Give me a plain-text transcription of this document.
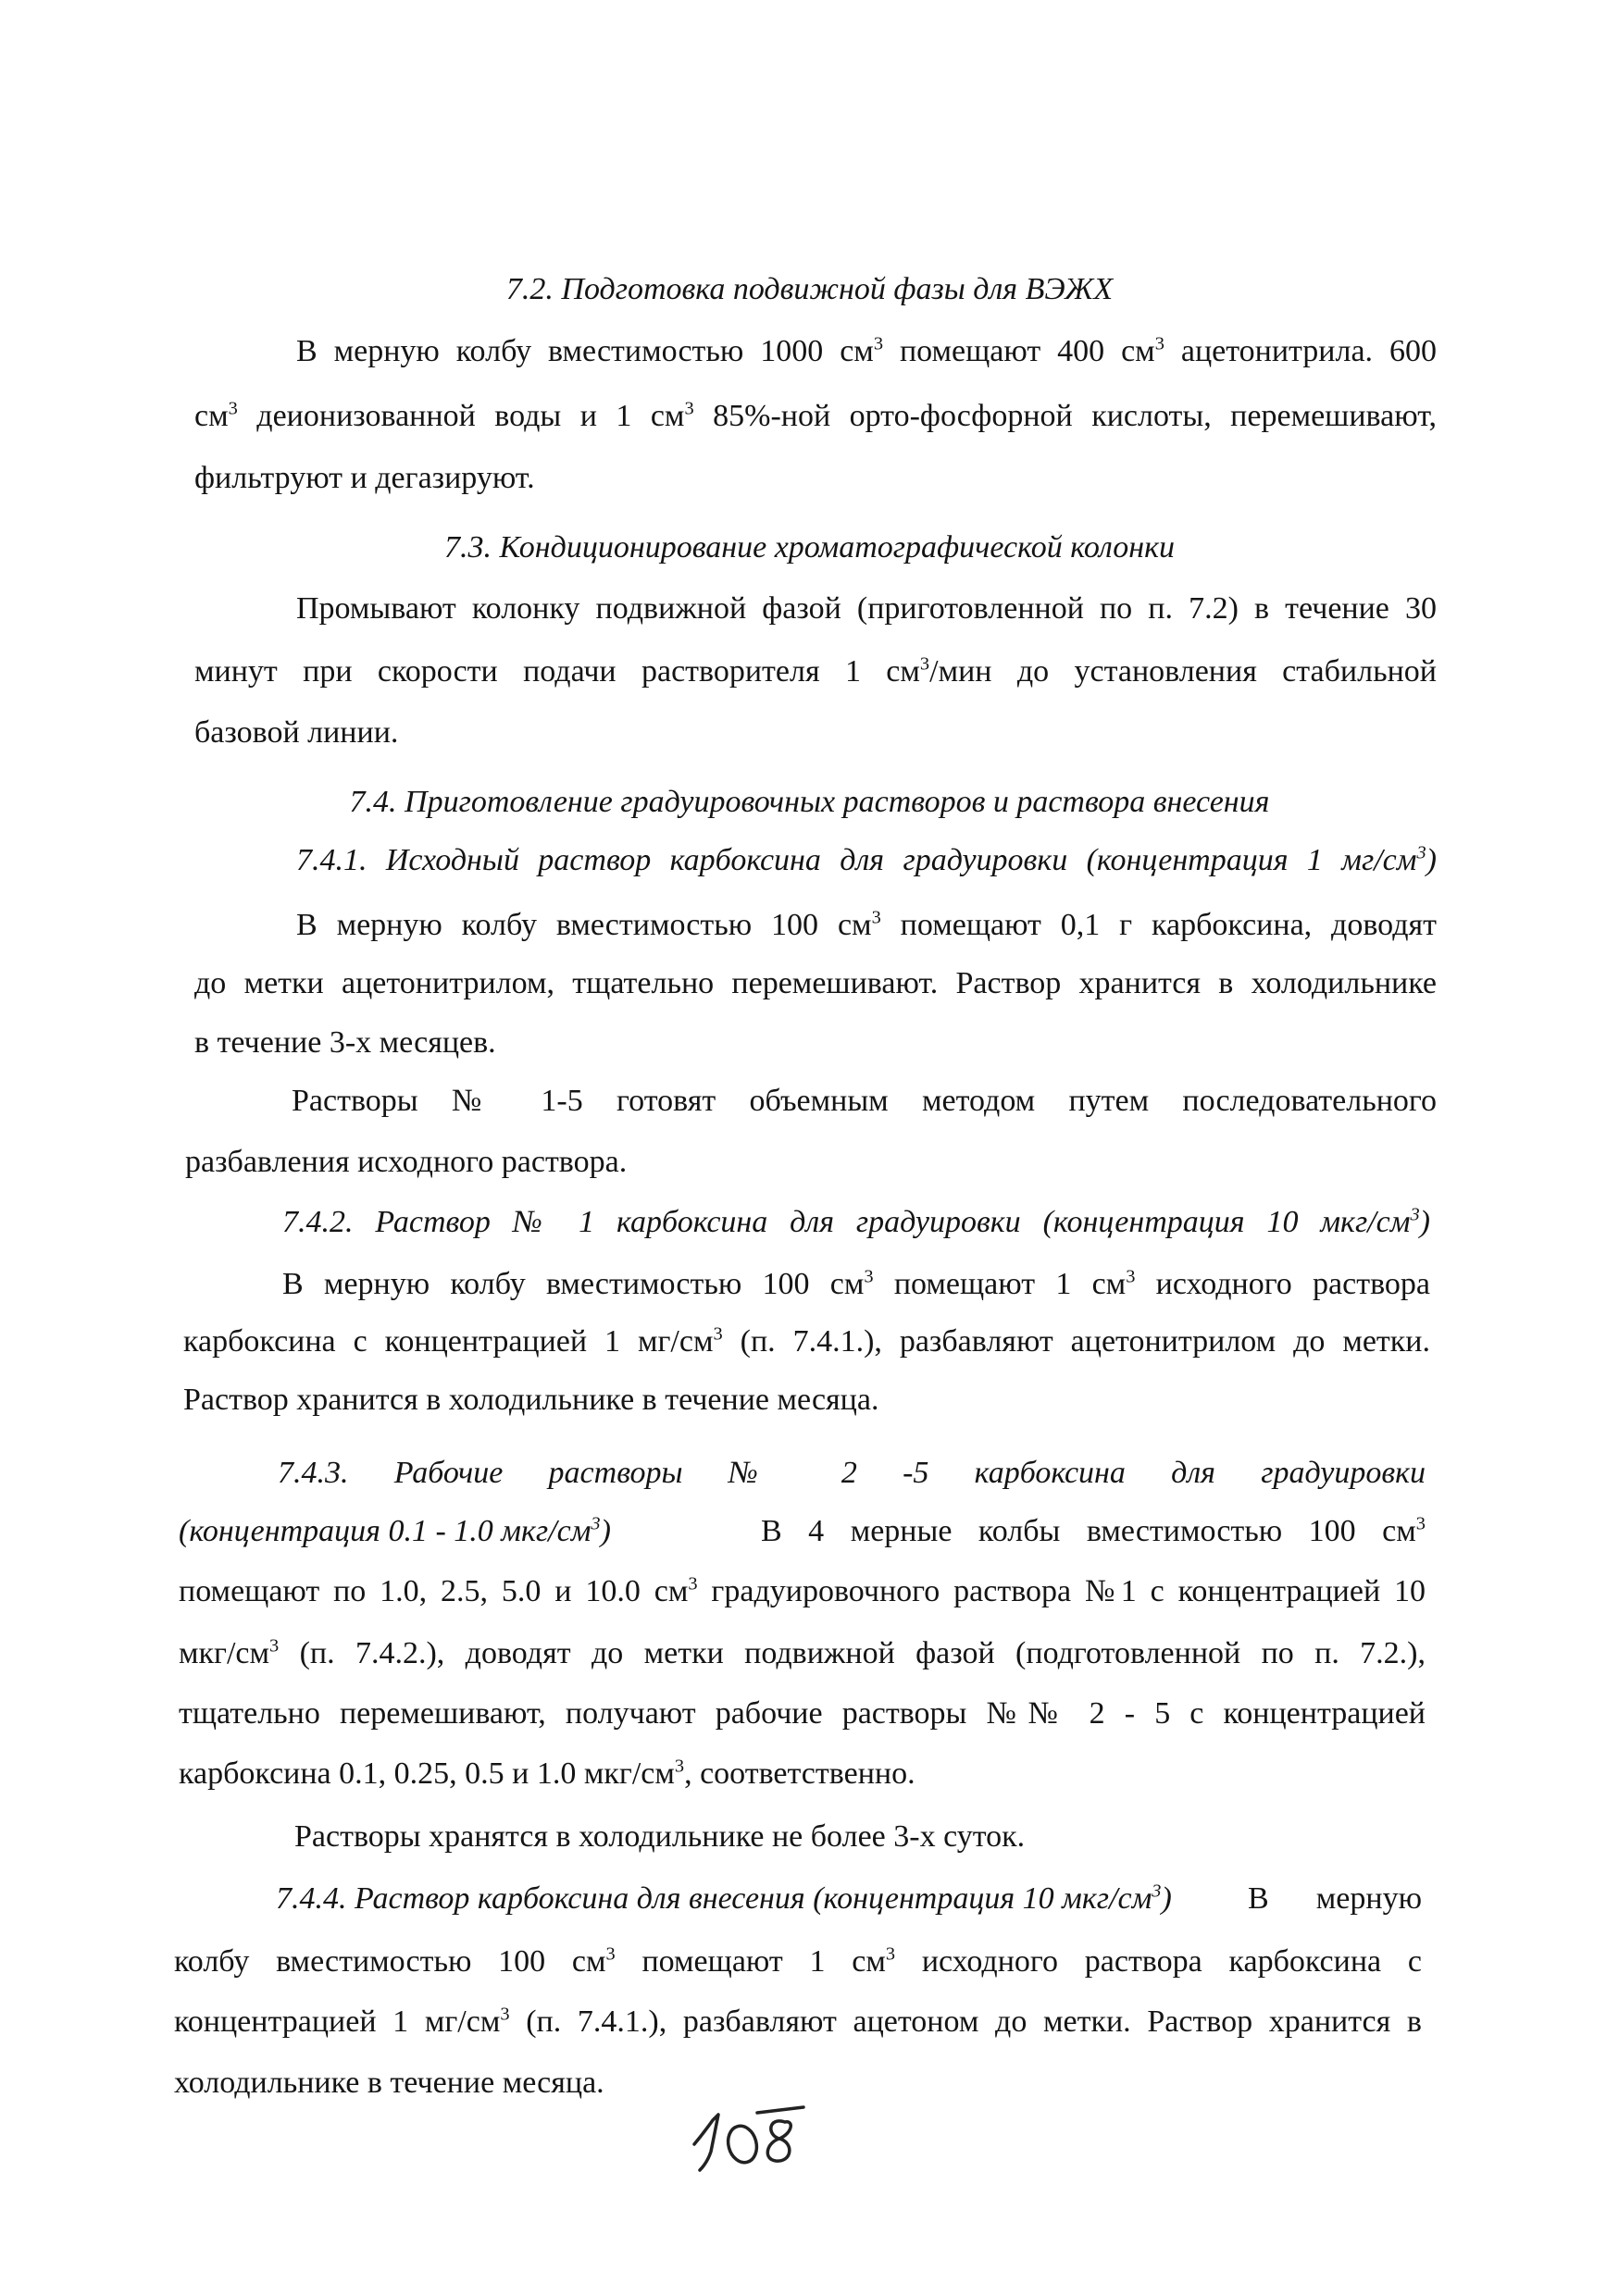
7.2. Подготовка подвижной фазы для ВЭЖХ
В мерную колбу вместимостью 1000 $см^3$ помещают 400 $см^3$ ацетонитрила. 600
$см^3$ деионизованной воды и 1 $см^3$ 85%-ной орто-фосфорной кислоты, перемешивают,
фильтруют и дегазируют.
7.3. Кондиционирование хроматографической колонки
Промывают колонку подвижной фазой (приготовленной по п. 7.2) в течение 30
минут при скорости подачи растворителя 1 $см^3$/мин до установления стабильной
базовой линии.
7.4. Приготовление градуировочных растворов и раствора внесения
7.4.1. Исходный раствор карбоксина для градуировки (концентрация 1 $мг/см^3$)
В мерную колбу вместимостью 100 $см^3$ помещают 0,1 г карбоксина, доводят
до метки ацетонитрилом, тщательно перемешивают. Раствор хранится в холодильнике
в течение 3-х месяцев.
Растворы № 1-5 готовят объемным методом путем последовательного
разбавления исходного раствора.
7.4.2. Раствор № 1 карбоксина для градуировки (концентрация 10 мкг/$см^3$)
В мерную колбу вместимостью 100 $см^3$ помещают 1 $см^3$ исходного раствора
карбоксина с концентрацией 1 $мг/см^3$ (п. 7.4.1.), разбавляют ацетонитрилом до метки.
Раствор хранится в холодильнике в течение месяца.
7.4.3. Рабочие растворы № 2 -5 карбоксина для градуировки
(концентрация 0.1 - 1.0 мкг/$см^3$)	В 4 мерные колбы вместимостью 100 $см^3$
помещают по 1.0, 2.5, 5.0 и 10.0 $см^3$ градуировочного раствора №1 с концентрацией 10
мкг/$см^3$ (п. 7.4.2.), доводят до метки подвижной фазой (подготовленной по п. 7.2.),
тщательно перемешивают, получают рабочие растворы №№ 2 - 5 с концентрацией
карбоксина 0.1, 0.25, 0.5 и 1.0 мкг/$см^3$, соответственно.
Растворы хранятся в холодильнике не более 3-х суток.
7.4.4. Раствор карбоксина для внесения (концентрация 10 мкг/$см^3$) В мерную
колбу вместимостью 100 $см^3$ помещают 1 $см^3$ исходного раствора карбоксина с
концентрацией 1 $мг/см^3$ (п. 7.4.1.), разбавляют ацетоном до метки. Раствор хранится в
холодильнике в течение месяца.
